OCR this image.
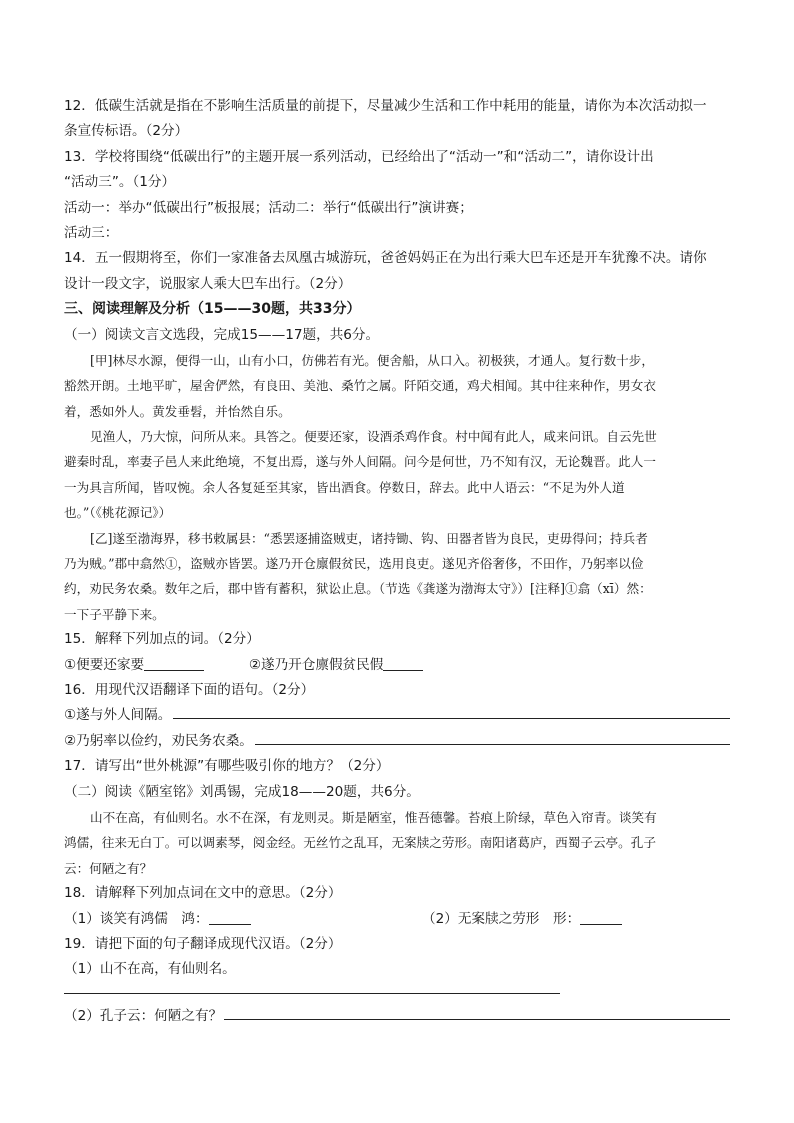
12．低碳生活就是指在不影响生活质量的前提下，尽量减少生活和工作中耗用的能量，请你为本次活动拟一
条宣传标语。（2分）
13．学校将围绕“低碳出行”的主题开展一系列活动，已经给出了“活动一”和“活动二”，请你设计出
“活动三”。（1分）
活动一：举办“低碳出行”板报展；活动二：举行“低碳出行”演讲赛；
活动三：
14．五一假期将至，你们一家准备去凤凰古城游玩，爸爸妈妈正在为出行乘大巴车还是开车犹豫不决。请你
设计一段文字，说服家人乘大巴车出行。（2分）
三、阅读理解及分析（15——30题，共33分）
（一）阅读文言文选段，完成15——17题，共6分。
[甲]林尽水源，便得一山，山有小口，仿佛若有光。便舍船，从口入。初极狭，才通人。复行数十步，
豁然开朗。土地平旷，屋舍俨然，有良田、美池、桑竹之属。阡陌交通，鸡犬相闻。其中往来种作，男女衣
着，悉如外人。黄发垂髫，并怡然自乐。
见渔人，乃大惊，问所从来。具答之。便要还家，设酒杀鸡作食。村中闻有此人，咸来问讯。自云先世
避秦时乱，率妻子邑人来此绝境，不复出焉，遂与外人间隔。问今是何世，乃不知有汉，无论魏晋。此人一
一为具言所闻，皆叹惋。余人各复延至其家，皆出酒食。停数日，辞去。此中人语云：“不足为外人道
也。”（《桃花源记》）
[乙]遂至渤海界，移书敕属县：“悉罢逐捕盗贼吏，诸持锄、钩、田器者皆为良民，吏毋得问；持兵者
乃为贼。”郡中翕然①，盗贼亦皆罢。遂乃开仓廪假贫民，选用良吏。遂见齐俗奢侈，不田作，乃躬率以俭
约，劝民务农桑。数年之后，郡中皆有蓄积，狱讼止息。（节选《龚遂为渤海太守》）[注释]①翕（xī）然：
一下子平静下来。
15．解释下列加点的词。（2分）
①便要还家要	②遂乃开仓廪假贫民假
16．用现代汉语翻译下面的语句。（2分）
①遂与外人间隔。
②乃躬率以俭约，劝民务农桑。
17．请写出“世外桃源”有哪些吸引你的地方？（2分）
（二）阅读《陋室铭》刘禹锡，完成18——20题，共6分。
山不在高，有仙则名。水不在深，有龙则灵。斯是陋室，惟吾德馨。苔痕上阶绿，草色入帘青。谈笑有
鸿儒，往来无白丁。可以调素琴，阅金经。无丝竹之乱耳，无案牍之劳形。南阳诸葛庐，西蜀子云亭。孔子
云：何陋之有？
18．请解释下列加点词在文中的意思。（2分）
（1）谈笑有鸿儒　鸿：	（2）无案牍之劳形　形：
19．请把下面的句子翻译成现代汉语。（2分）
（1）山不在高，有仙则名。
（2）孔子云：何陋之有？
